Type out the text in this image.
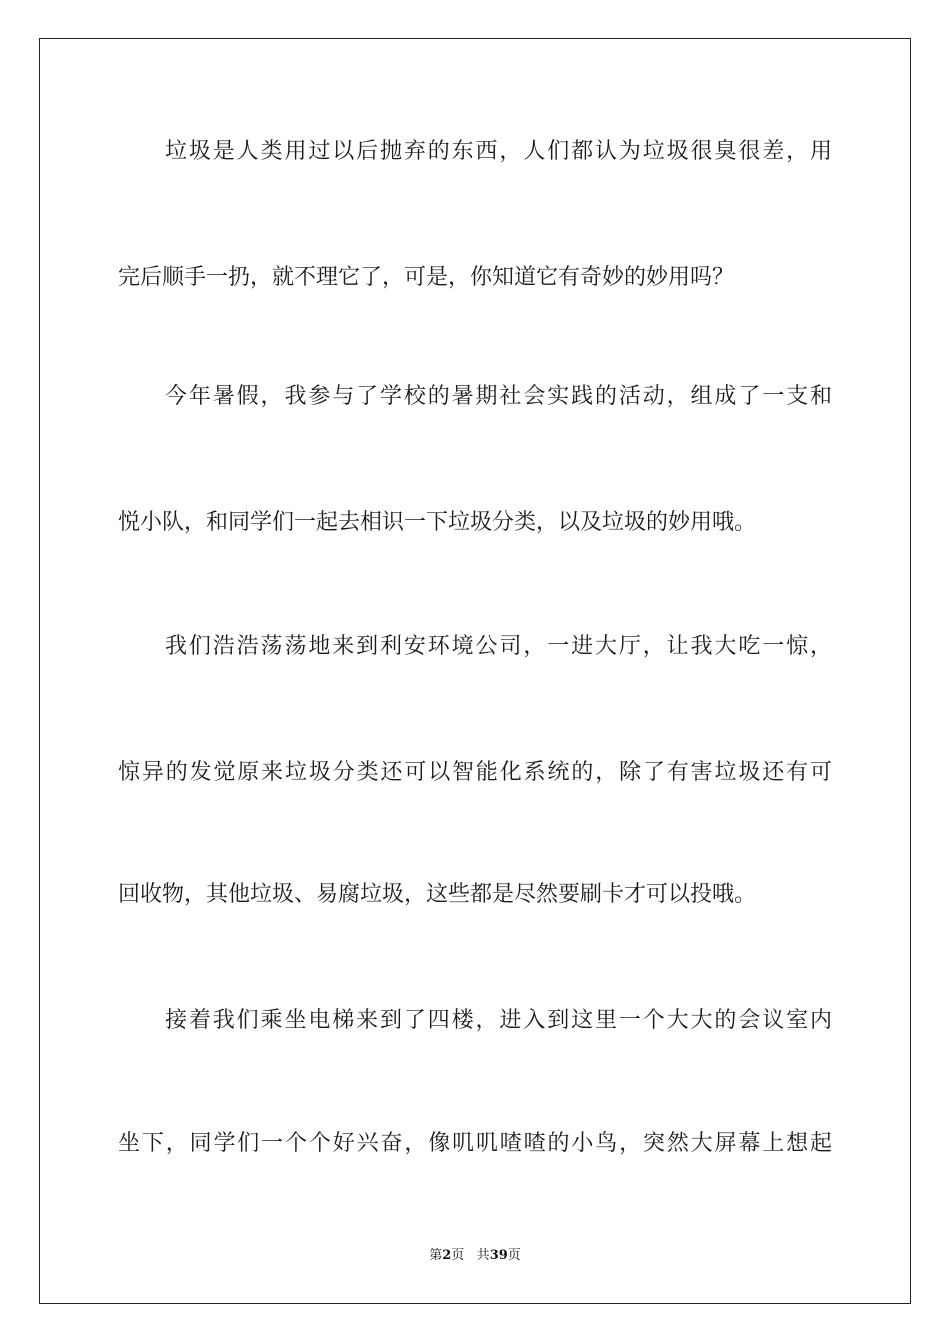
垃圾是人类用过以后抛弃的东西，人们都认为垃圾很臭很差，用
完后顺手一扔，就不理它了，可是，你知道它有奇妙的妙用吗？
今年暑假，我参与了学校的暑期社会实践的活动，组成了一支和
悦小队，和同学们一起去相识一下垃圾分类，以及垃圾的妙用哦。
我们浩浩荡荡地来到利安环境公司，一进大厅，让我大吃一惊，
惊异的发觉原来垃圾分类还可以智能化系统的，除了有害垃圾还有可
回收物，其他垃圾、易腐垃圾，这些都是尽然要刷卡才可以投哦。
接着我们乘坐电梯来到了四楼，进入到这里一个大大的会议室内
坐下，同学们一个个好兴奋，像叽叽喳喳的小鸟，突然大屏幕上想起
第2页 共39页
